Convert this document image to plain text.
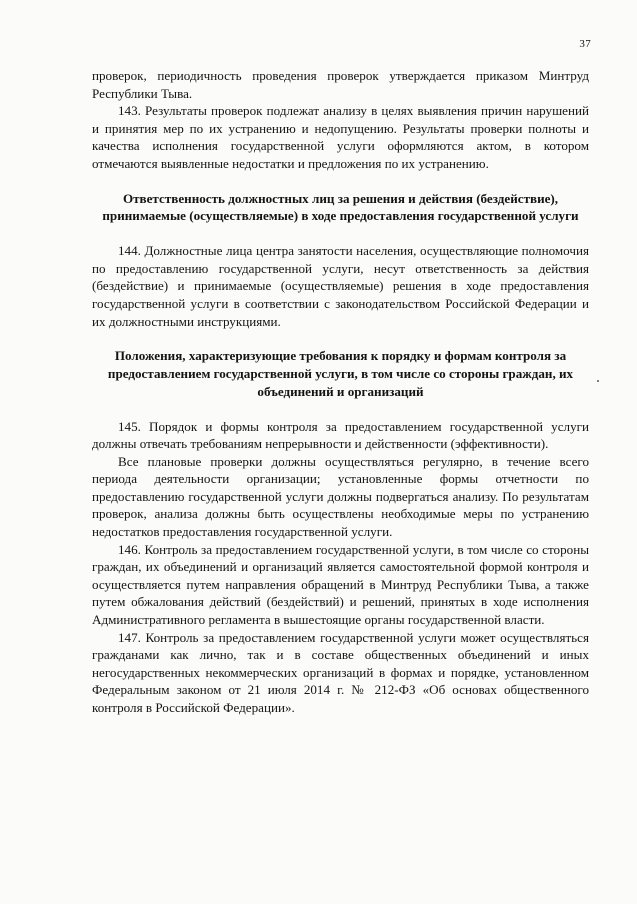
37

проверок, периодичность проведения проверок утверждается приказом Минтруд Республики Тыва.

143. Результаты проверок подлежат анализу в целях выявления причин нарушений и принятия мер по их устранению и недопущению. Результаты проверки полноты и качества исполнения государственной услуги оформляются актом, в котором отмечаются выявленные недостатки и предложения по их устранению.

Ответственность должностных лиц за решения и действия (бездействие), принимаемые (осуществляемые) в ходе предоставления государственной услуги

144. Должностные лица центра занятости населения, осуществляющие полномочия по предоставлению государственной услуги, несут ответственность за действия (бездействие) и принимаемые (осуществляемые) решения в ходе предоставления государственной услуги в соответствии с законодательством Российской Федерации и их должностными инструкциями.

Положения, характеризующие требования к порядку и формам контроля за предоставлением государственной услуги, в том числе со стороны граждан, их объединений и организаций

145. Порядок и формы контроля за предоставлением государственной услуги должны отвечать требованиям непрерывности и действенности (эффективности).

Все плановые проверки должны осуществляться регулярно, в течение всего периода деятельности организации; установленные формы отчетности по предоставлению государственной услуги должны подвергаться анализу. По результатам проверок, анализа должны быть осуществлены необходимые меры по устранению недостатков предоставления государственной услуги.

146. Контроль за предоставлением государственной услуги, в том числе со стороны граждан, их объединений и организаций является самостоятельной формой контроля и осуществляется путем направления обращений в Минтруд Республики Тыва, а также путем обжалования действий (бездействий) и решений, принятых в ходе исполнения Административного регламента в вышестоящие органы государственной власти.

147. Контроль за предоставлением государственной услуги может осуществляться гражданами как лично, так и в составе общественных объединений и иных негосударственных некоммерческих организаций в формах и порядке, установленном Федеральным законом от 21 июля 2014 г. № 212-ФЗ «Об основах общественного контроля в Российской Федерации».
